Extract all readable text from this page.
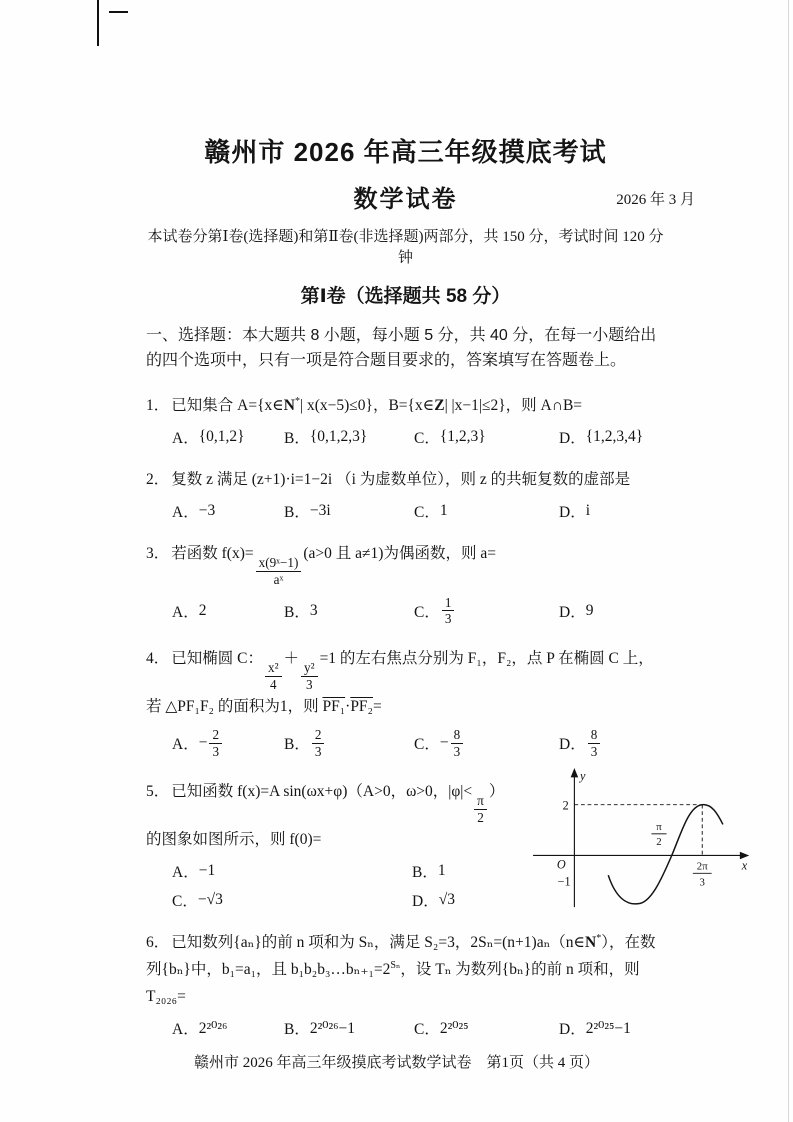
赣州市 2026 年高三年级摸底考试
数学试卷	2026 年 3 月

本试卷分第Ⅰ卷(选择题)和第Ⅱ卷(非选择题)两部分，共 150 分，考试时间 120 分钟

第Ⅰ卷（选择题共 58 分）

一、选择题：本大题共 8 小题，每小题 5 分，共 40 分，在每一小题给出的四个选项中，只有一项是符合题目要求的，答案填写在答题卷上。

1． 已知集合 A={x∈N*| x(x−5)≤0}，B={x∈Z| |x−1|≤2}，则 A∩B=

A． {0,1,2}	B． {0,1,2,3}	C． {1,2,3}	D． {1,2,3,4}

2． 复数 z 满足 (z+1)·i=1−2i （i 为虚数单位），则 z 的共轭复数的虚部是

A． −3	B． −3i	C． 1	D． i

3． 若函数 f(x)=
$\frac{\text{x(9ˣ−1)}}{\text{aˣ}}$
(a>0 且 a≠1)为偶函数，则 a=

A． 2	B． 3	C． $\frac{1}{3}$	D． 9

4． 已知椭圆 C：
$\frac{\text{x²}}{4}$
＋
$\frac{\text{y²}}{3}$
=1 的左右焦点分别为 F₁，F₂，点 P 在椭圆 C 上，若 △PF₁F₂ 的面积为1，则 PF₁·PF₂=

A． − $\frac{2}{3}$	B． $\frac{2}{3}$	C． − $\frac{8}{3}$	D． $\frac{8}{3}$

5． 已知函数 f(x)=A sin(ωx+φ)（A>0，ω>0，|φ|<
$\frac{\pi}{2}$
）的图象如图所示，则 f(0)=

A． −1	B． 1
C． −√3	D． √3
y
x
O
2
−1
π
2
2π
3

6． 已知数列{aₙ}的前 n 项和为 Sₙ，满足 S₂=3，2Sₙ=(n+1)aₙ（n∈N*），在数列{bₙ}中，b₁=a₁，且 $b_1b_2b_3\dots b_{n+1}=2^{S_n}$，设 Tₙ 为数列{bₙ}的前 n 项和，则 T₂₀₂₆=

A． 2²⁰²⁶	B． 2²⁰²⁶−1	C． 2²⁰²⁵	D． 2²⁰²⁵−1
赣州市 2026 年高三年级摸底考试数学试卷　第1页（共 4 页）
